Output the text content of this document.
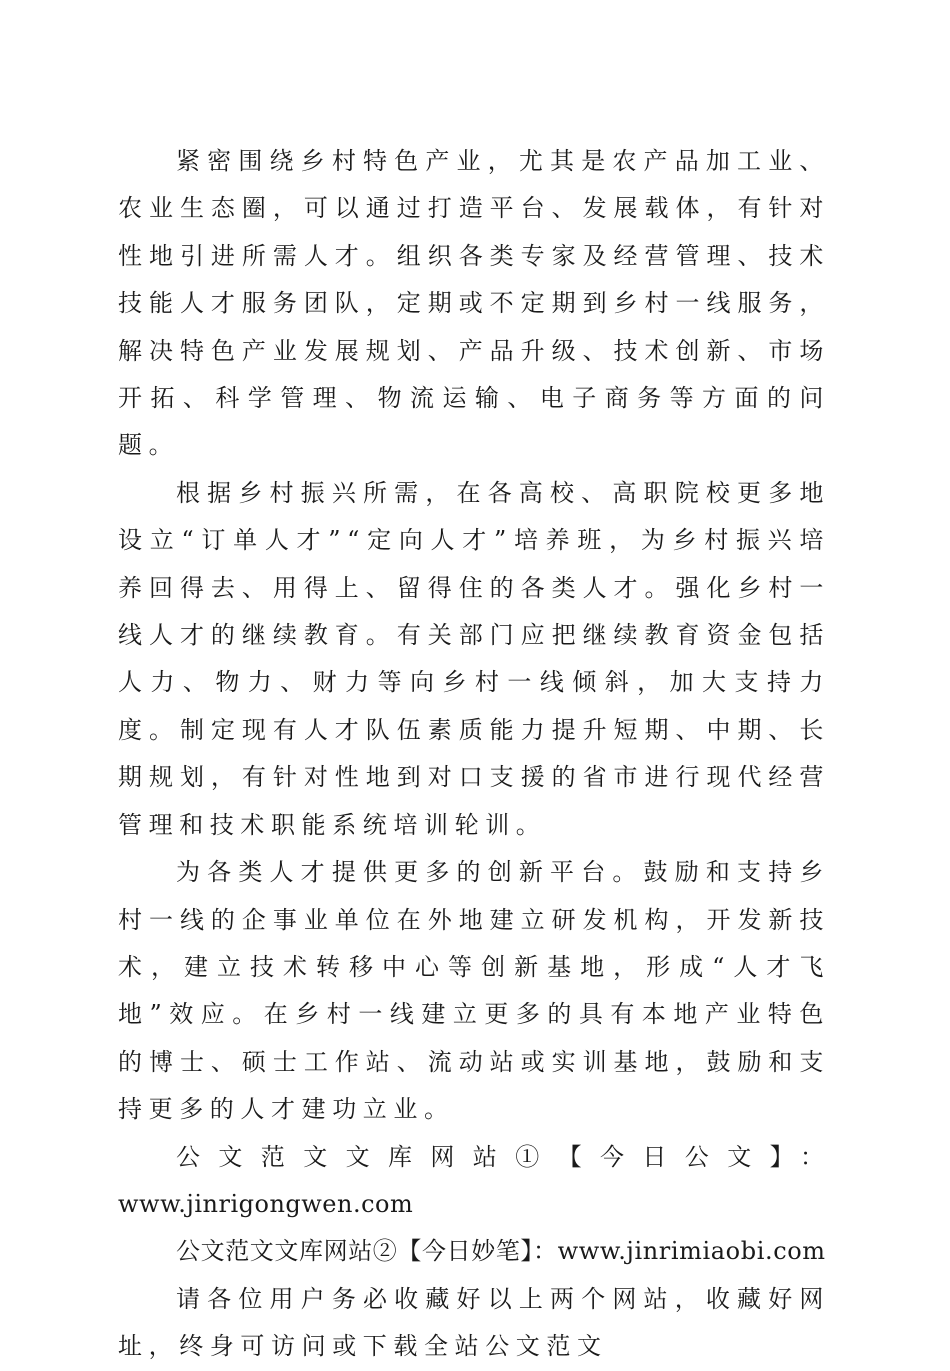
紧密围绕乡村特色产业，尤其是农产品加工业、农业生态圈，可以通过打造平台、发展载体，有针对性地引进所需人才。组织各类专家及经营管理、技术技能人才服务团队，定期或不定期到乡村一线服务，解决特色产业发展规划、产品升级、技术创新、市场开拓、科学管理、物流运输、电子商务等方面的问题。

根据乡村振兴所需，在各高校、高职院校更多地设立“订单人才”“定向人才”培养班，为乡村振兴培养回得去、用得上、留得住的各类人才。强化乡村一线人才的继续教育。有关部门应把继续教育资金包括人力、物力、财力等向乡村一线倾斜，加大支持力度。制定现有人才队伍素质能力提升短期、中期、长期规划，有针对性地到对口支援的省市进行现代经营管理和技术职能系统培训轮训。

为各类人才提供更多的创新平台。鼓励和支持乡村一线的企事业单位在外地建立研发机构，开发新技术，建立技术转移中心等创新基地，形成“人才飞地”效应。在乡村一线建立更多的具有本地产业特色的博士、硕士工作站、流动站或实训基地，鼓励和支持更多的人才建功立业。

公文范文文库网站①【今日公文】：

www.jinrigongwen.com

公文范文文库网站②【今日妙笔】：www.jinrimiaobi.com

请各位用户务必收藏好以上两个网站，收藏好网址，终身可访问或下载全站公文范文
